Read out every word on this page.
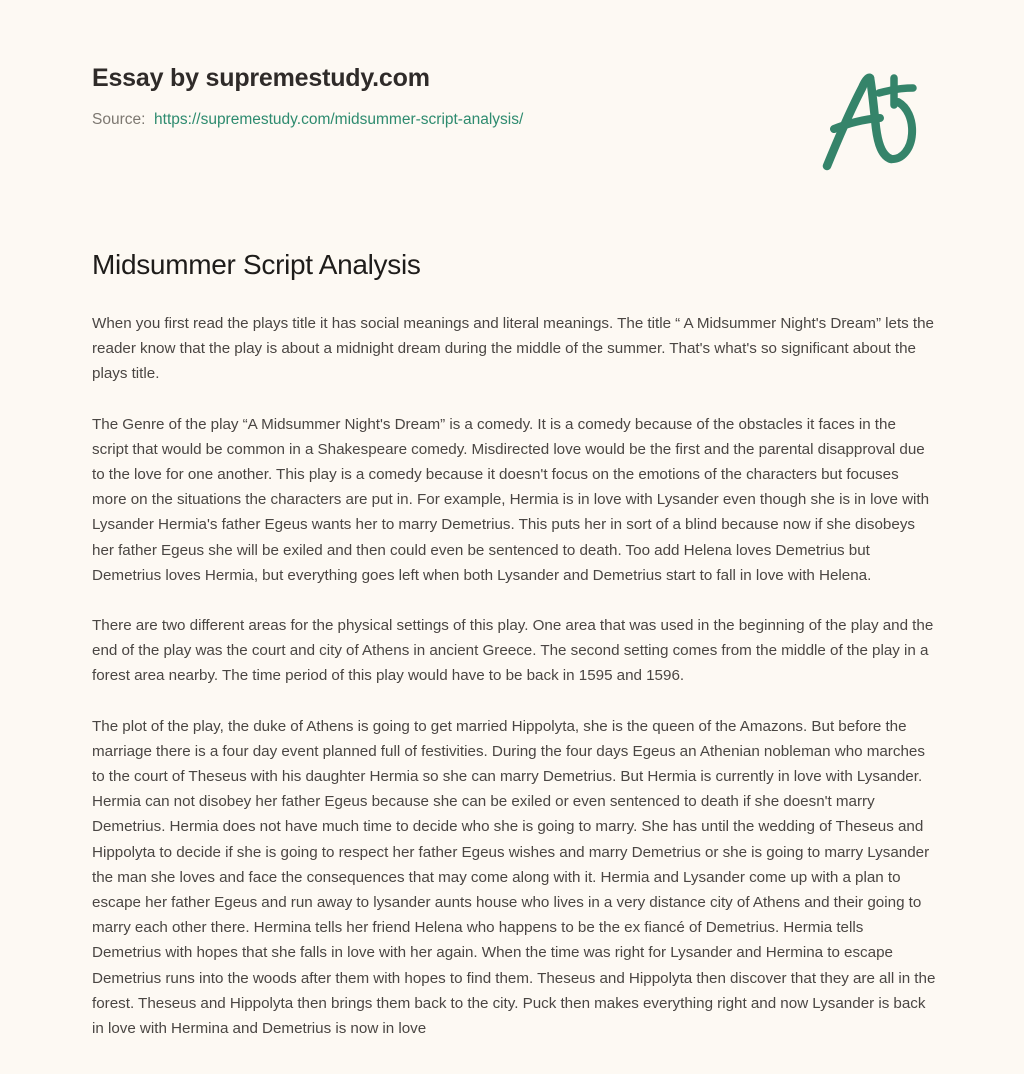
Essay by supremestudy.com
Source: https://supremestudy.com/midsummer-script-analysis/
Midsummer Script Analysis

When you first read the plays title it has social meanings and literal meanings. The title “ A Midsummer Night's Dream” lets the reader know that the play is about a midnight dream during the middle of the summer. That's what's so significant about the plays title.

The Genre of the play “A Midsummer Night's Dream” is a comedy. It is a comedy because of the obstacles it faces in the script that would be common in a Shakespeare comedy. Misdirected love would be the first and the parental disapproval due to the love for one another. This play is a comedy because it doesn't focus on the emotions of the characters but focuses more on the situations the characters are put in. For example, Hermia is in love with Lysander even though she is in love with Lysander Hermia's father Egeus wants her to marry Demetrius. This puts her in sort of a blind because now if she disobeys her father Egeus she will be exiled and then could even be sentenced to death. Too add Helena loves Demetrius but Demetrius loves Hermia, but everything goes left when both Lysander and Demetrius start to fall in love with Helena.

There are two different areas for the physical settings of this play. One area that was used in the beginning of the play and the end of the play was the court and city of Athens in ancient Greece. The second setting comes from the middle of the play in a forest area nearby. The time period of this play would have to be back in 1595 and 1596.

The plot of the play, the duke of Athens is going to get married Hippolyta, she is the queen of the Amazons. But before the marriage there is a four day event planned full of festivities. During the four days Egeus an Athenian nobleman who marches to the court of Theseus with his daughter Hermia so she can marry Demetrius. But Hermia is currently in love with Lysander. Hermia can not disobey her father Egeus because she can be exiled or even sentenced to death if she doesn't marry Demetrius. Hermia does not have much time to decide who she is going to marry. She has until the wedding of Theseus and Hippolyta to decide if she is going to respect her father Egeus wishes and marry Demetrius or she is going to marry Lysander the man she loves and face the consequences that may come along with it. Hermia and Lysander come up with a plan to escape her father Egeus and run away to lysander aunts house who lives in a very distance city of Athens and their going to marry each other there. Hermina tells her friend Helena who happens to be the ex fiancé of Demetrius. Hermia tells Demetrius with hopes that she falls in love with her again. When the time was right for Lysander and Hermina to escape Demetrius runs into the woods after them with hopes to find them. Theseus and Hippolyta then discover that they are all in the forest. Theseus and Hippolyta then brings them back to the city. Puck then makes everything right and now Lysander is back in love with Hermina and Demetrius is now in love
